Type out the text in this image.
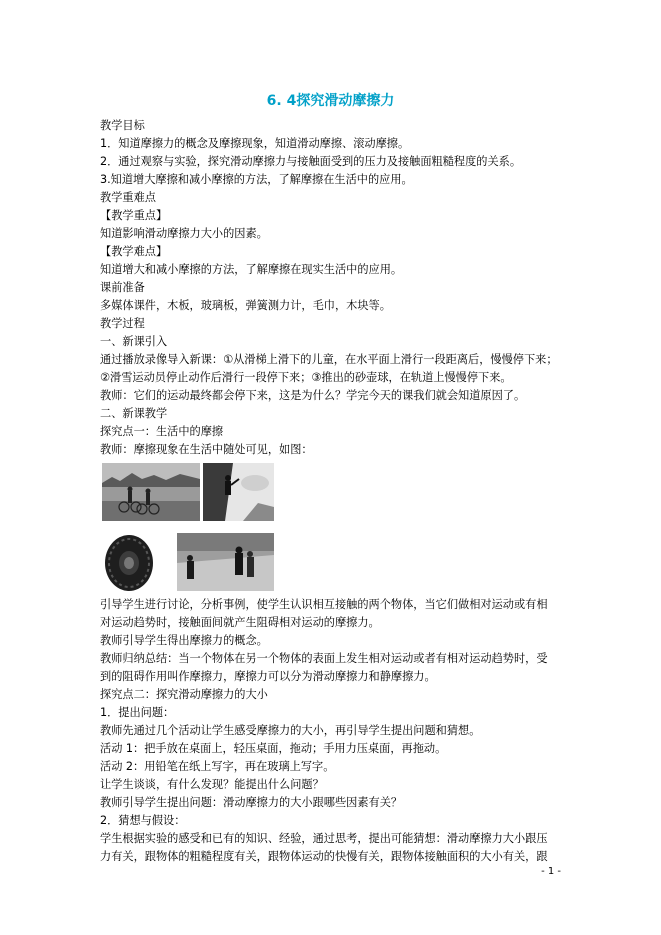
6. 4探究滑动摩擦力
教学目标
1．知道摩擦力的概念及摩擦现象，知道滑动摩擦、滚动摩擦。
2．通过观察与实验，探究滑动摩擦力与接触面受到的压力及接触面粗糙程度的关系。
3.知道增大摩擦和减小摩擦的方法，了解摩擦在生活中的应用。
教学重难点
【教学重点】
知道影响滑动摩擦力大小的因素。
【教学难点】
知道增大和减小摩擦的方法，了解摩擦在现实生活中的应用。
课前准备
多媒体课件，木板，玻璃板，弹簧测力计，毛巾，木块等。
教学过程
一、新课引入
通过播放录像导入新课：①从滑梯上滑下的儿童，在水平面上滑行一段距离后，慢慢停下来；
②滑雪运动员停止动作后滑行一段停下来；③推出的砂壶球，在轨道上慢慢停下来。
教师：它们的运动最终都会停下来，这是为什么？学完今天的课我们就会知道原因了。
二、新课教学
探究点一：生活中的摩擦
教师：摩擦现象在生活中随处可见，如图：
引导学生进行讨论，分析事例，使学生认识相互接触的两个物体，当它们做相对运动或有相
对运动趋势时，接触面间就产生阻碍相对运动的摩擦力。
教师引导学生得出摩擦力的概念。
教师归纳总结：当一个物体在另一个物体的表面上发生相对运动或者有相对运动趋势时，受
到的阻碍作用叫作摩擦力，摩擦力可以分为滑动摩擦力和静摩擦力。
探究点二：探究滑动摩擦力的大小
1．提出问题：
教师先通过几个活动让学生感受摩擦力的大小，再引导学生提出问题和猜想。
活动 1：把手放在桌面上，轻压桌面，拖动；手用力压桌面，再拖动。
活动 2：用铅笔在纸上写字，再在玻璃上写字。
让学生谈谈，有什么发现？能提出什么问题？
教师引导学生提出问题：滑动摩擦力的大小跟哪些因素有关？
2．猜想与假设：
学生根据实验的感受和已有的知识、经验，通过思考，提出可能猜想：滑动摩擦力大小跟压
力有关，跟物体的粗糙程度有关，跟物体运动的快慢有关，跟物体接触面积的大小有关，跟
- 1 -
